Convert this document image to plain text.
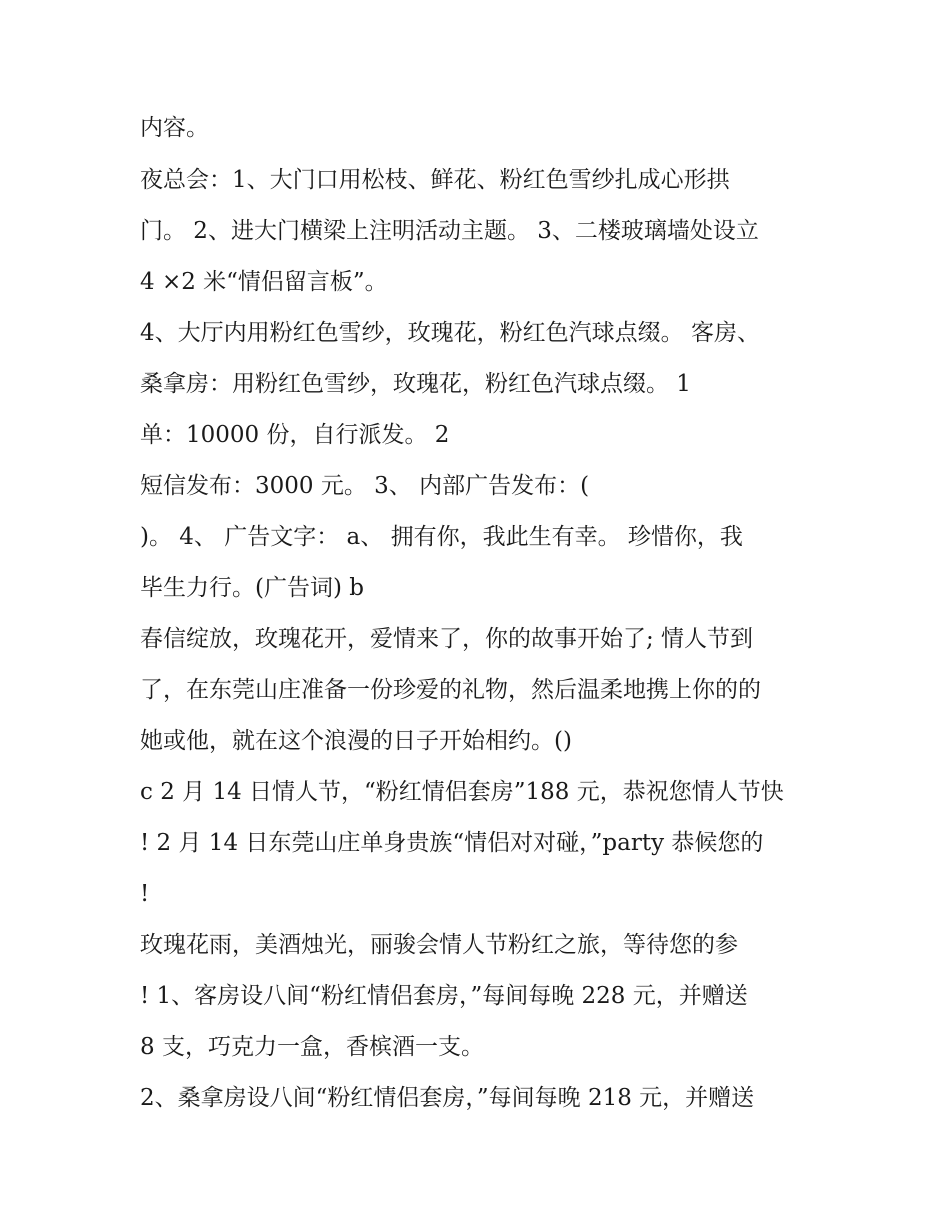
内容。
夜总会：1、大门口用松枝、鲜花、粉红色雪纱扎成心形拱
门。 2、进大门横梁上注明活动主题。 3、二楼玻璃墙处设立
4 ×2 米“情侣留言板”。
4、大厅内用粉红色雪纱，玫瑰花，粉红色汽球点缀。 客房、
桑拿房：用粉红色雪纱，玫瑰花，粉红色汽球点缀。 1
单：10000 份，自行派发。 2
短信发布：3000 元。 3、 内部广告发布：(
)。 4、 广告文字： a、 拥有你，我此生有幸。 珍惜你，我
毕生力行。(广告词) b
春信绽放，玫瑰花开，爱情来了，你的故事开始了; 情人节到
了，在东莞山庄准备一份珍爱的礼物，然后温柔地携上你的的
她或他，就在这个浪漫的日子开始相约。()
c 2 月 14 日情人节，“粉红情侣套房”188 元，恭祝您情人节快
! 2 月 14 日东莞山庄单身贵族“情侣对对碰，”party 恭候您的
!
玫瑰花雨，美酒烛光，丽骏会情人节粉红之旅，等待您的参
! 1、客房设八间“粉红情侣套房，”每间每晚 228 元，并赠送
8 支，巧克力一盒，香槟酒一支。
2、桑拿房设八间“粉红情侣套房，”每间每晚 218 元，并赠送
